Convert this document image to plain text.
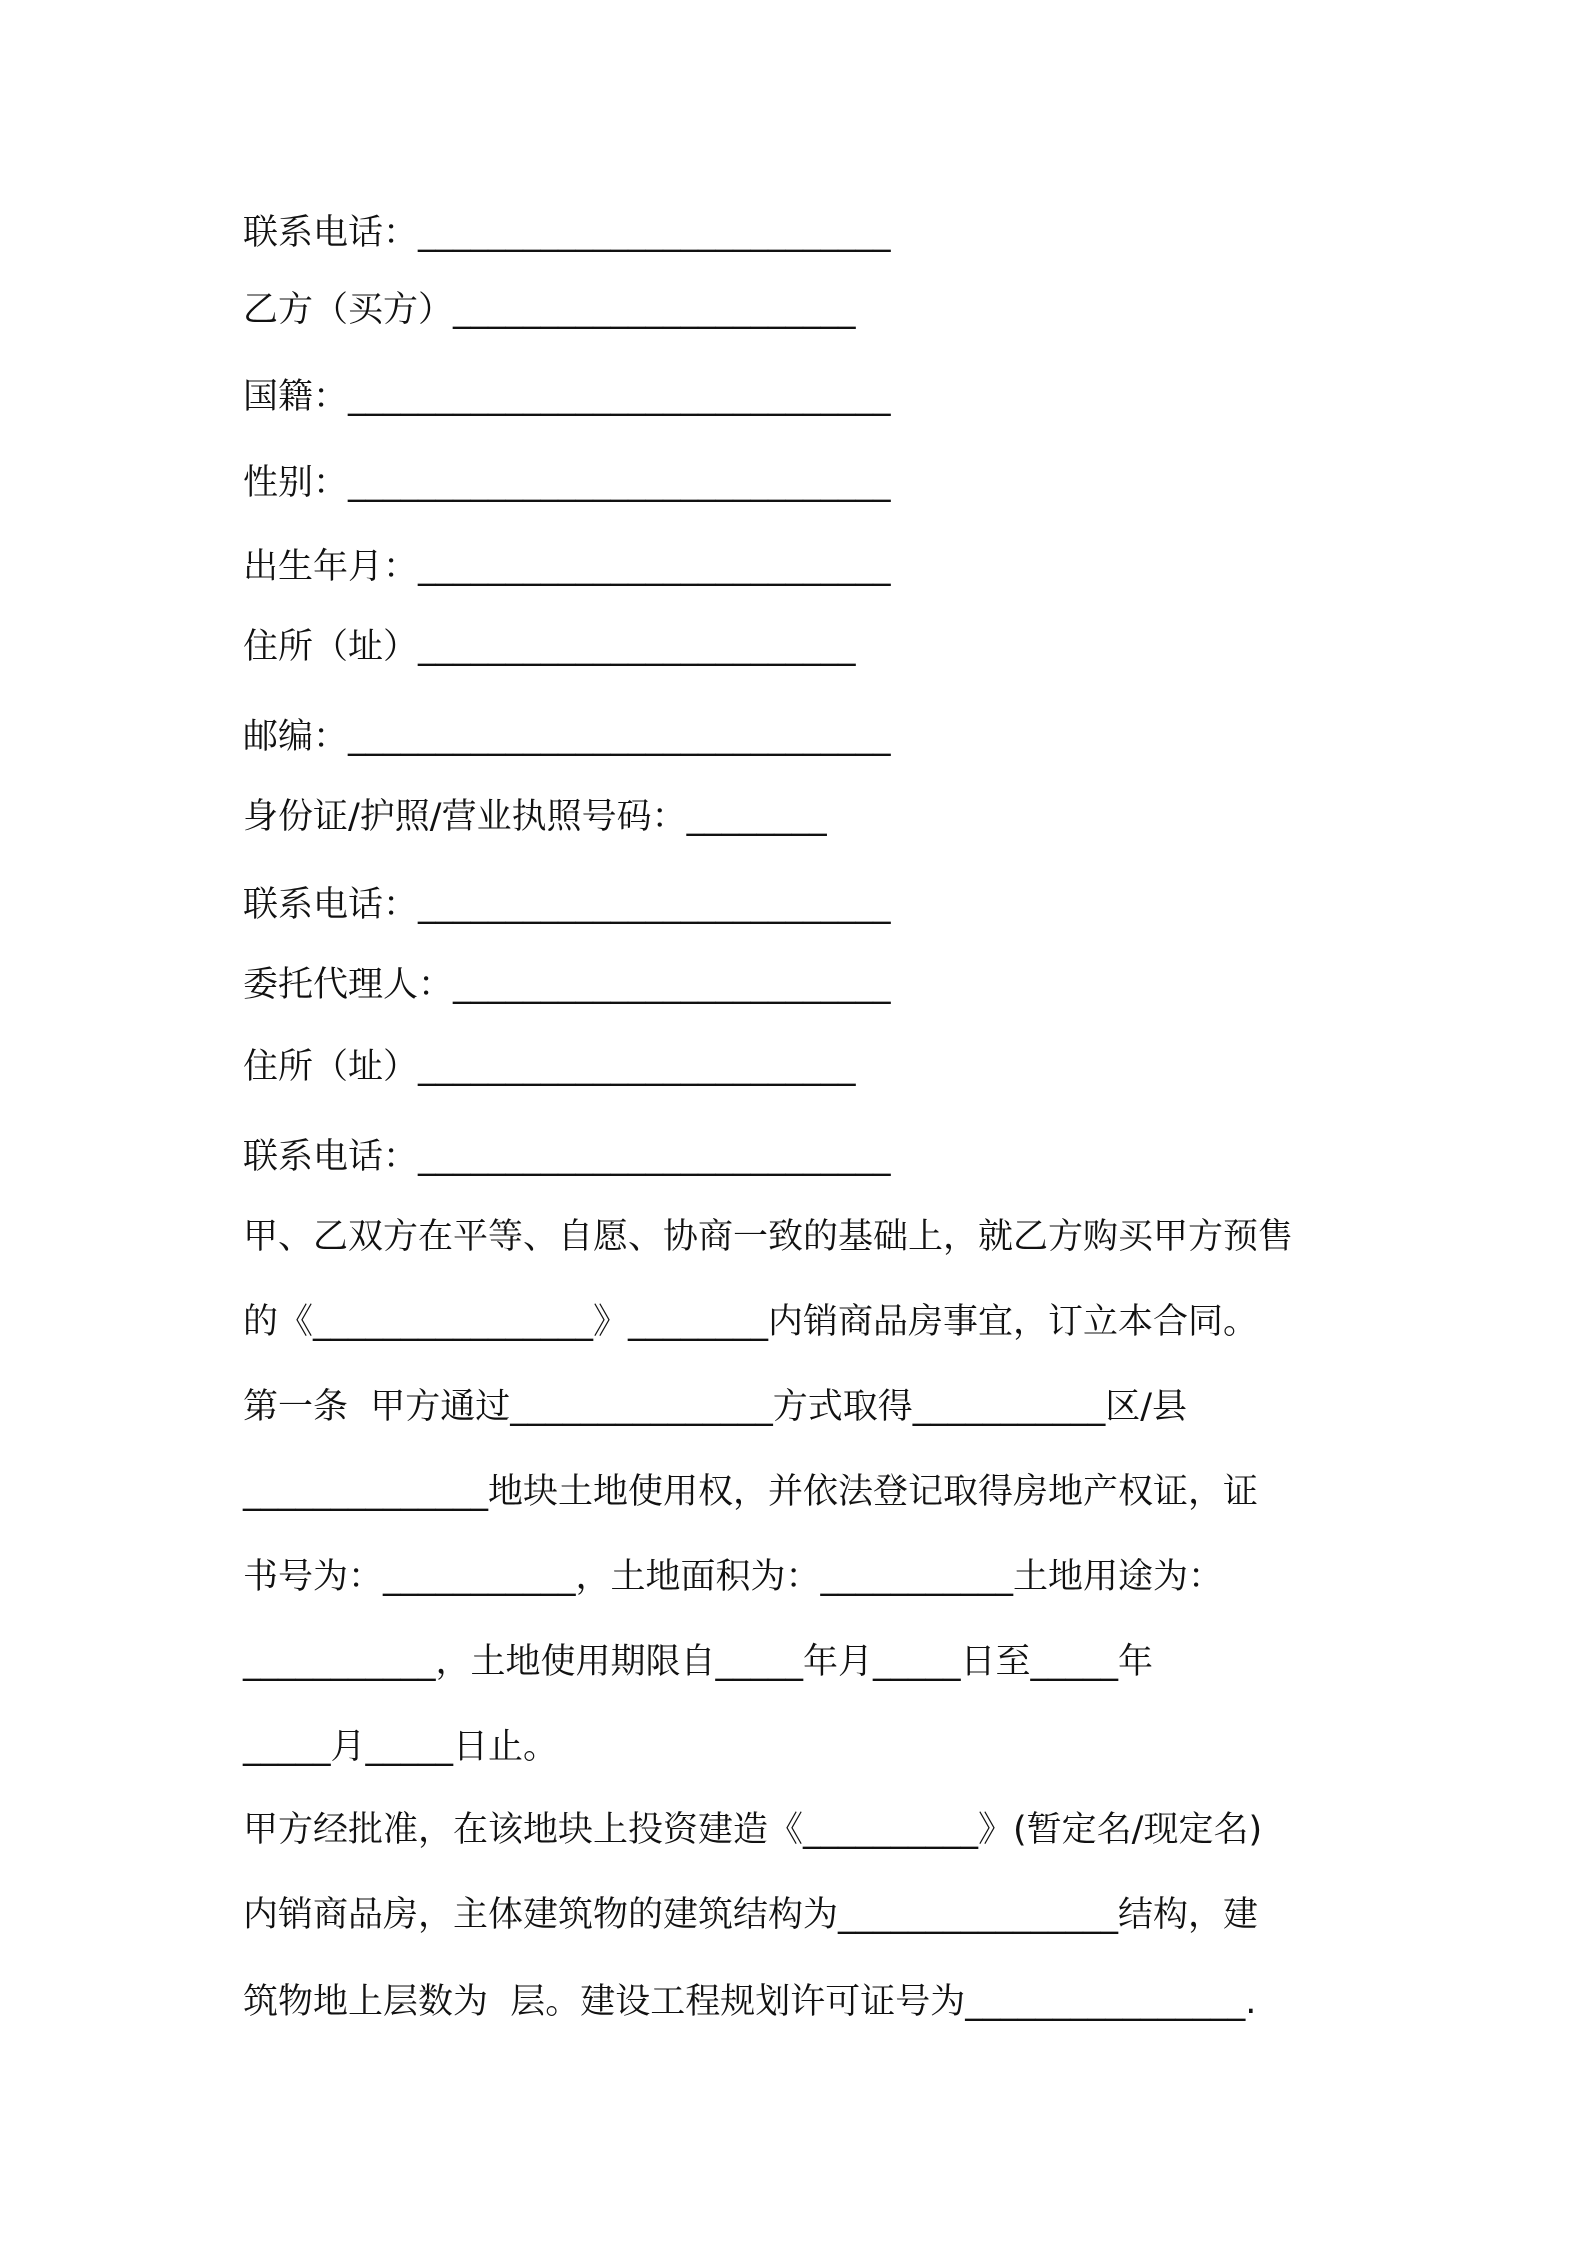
联系电话：___________________________
乙方（买方）_______________________
国籍：_______________________________
性别：_______________________________
出生年月：___________________________
住所（址）_________________________
邮编：_______________________________
身份证/护照/营业执照号码：________
联系电话：___________________________
委托代理人：_________________________
住所（址）_________________________
联系电话：___________________________
甲、乙双方在平等、自愿、协商一致的基础上，就乙方购买甲方预售
的《________________》________内销商品房事宜，订立本合同。
第一条  甲方通过_______________方式取得___________区/县
______________地块土地使用权，并依法登记取得房地产权证，证
书号为：___________，土地面积为：___________土地用途为：
___________，土地使用期限自_____年月_____日至_____年
_____月_____日止。
甲方经批准，在该地块上投资建造《__________》(暂定名/现定名)
内销商品房，主体建筑物的建筑结构为________________结构，建
筑物地上层数为  层。建设工程规划许可证号为________________.
